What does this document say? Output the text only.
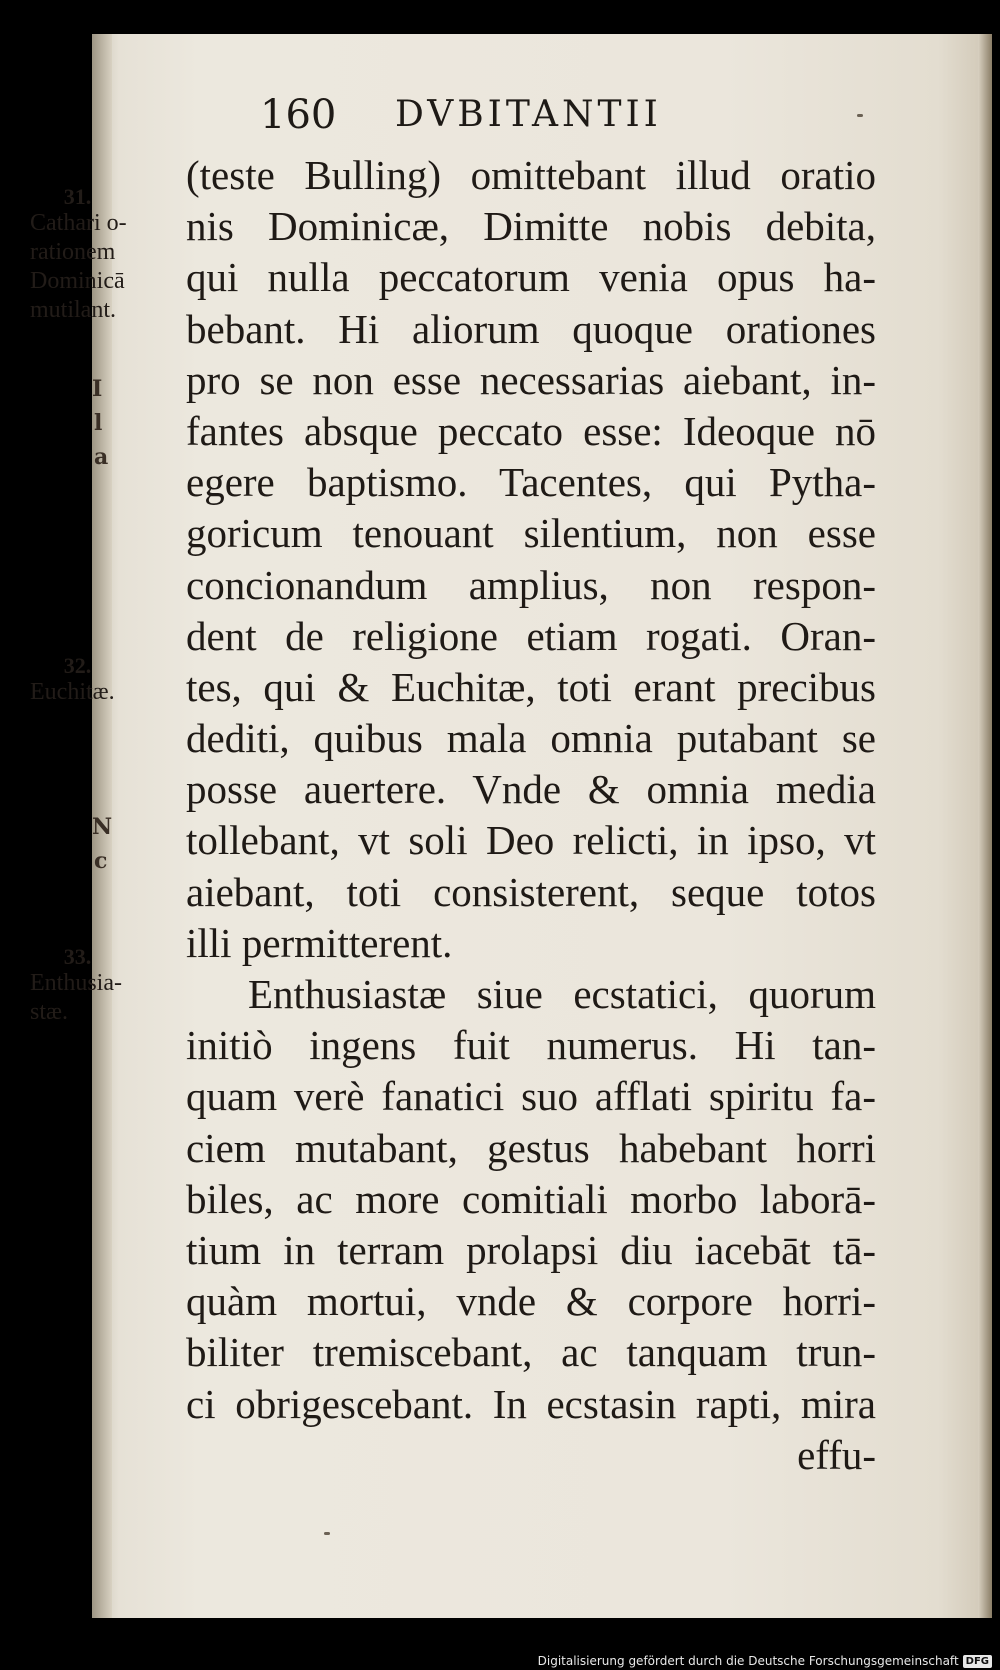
I
l
a
N
c
160 DVBITANTII
31.
Cathari o-
rationem
Dominicā
mutilant.
32.
Euchitæ.
33.
Enthusia-
stæ.
(teste Bulling) omittebant illud oratio
nis Dominicæ, Dimitte nobis debita,
qui nulla peccatorum venia opus ha-
bebant. Hi aliorum quoque orationes
pro se non esse necessarias aiebant, in-
fantes absque peccato esse: Ideoque nō
egere baptismo. Tacentes, qui Pytha-
goricum tenouant silentium, non esse
concionandum amplius, non respon-
dent de religione etiam rogati. Oran-
tes, qui & Euchitæ, toti erant precibus
dediti, quibus mala omnia putabant se
posse auertere. Vnde & omnia media
tollebant, vt soli Deo relicti, in ipso, vt
aiebant, toti consisterent, seque totos
illi permitterent.
Enthusiastæ siue ecstatici, quorum
initiò ingens fuit numerus. Hi tan-
quam verè fanatici suo afflati spiritu fa-
ciem mutabant, gestus habebant horri
biles, ac more comitiali morbo laborā-
tium in terram prolapsi diu iacebāt tā-
quàm mortui, vnde & corpore horri-
biliter tremiscebant, ac tanquam trun-
ci obrigescebant. In ecstasin rapti, mira
effu-
Digitalisierung gefördert durch die Deutsche Forschungsgemeinschaft DFG
